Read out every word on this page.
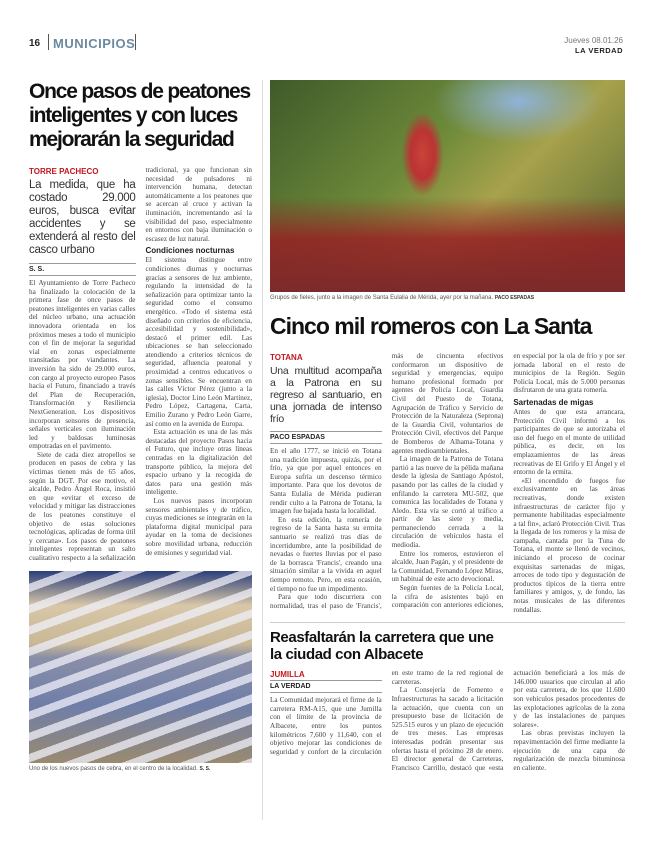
16 MUNICIPIOS	Jueves 08.01.26
LA VERDAD
Once pasos de peatones inteligentes y con luces mejorarán la seguridad
TORRE PACHECO
La medida, que ha costado 29.000 euros, busca evitar accidentes y se extenderá al resto del casco urbano
S. S.

El Ayuntamiento de Torre Pacheco ha finalizado la colocación de la primera fase de once pasos de peatones inteligentes en varias calles del núcleo urbano, una actuación innovadora orientada en los próximos meses a todo el municipio con el fin de mejorar la seguridad vial en zonas especialmente transitadas por viandantes. La inversión ha sido de 29.000 euros, con cargo al proyecto europeo Pasos hacia el Futuro, financiado a través del Plan de Recuperación, Transformación y Resiliencia NextGeneration. Los dispositivos incorporan sensores de presencia, señales verticales con iluminación led y baldosas luminosas empotradas en el pavimento.

Siete de cada diez atropellos se producen en pasos de cebra y las víctimas tienen más de 65 años, según la DGT. Por ese motivo, el alcalde, Pedro Ángel Roca, insistió en que «evitar el exceso de velocidad y mitigar las distracciones de los peatones constituye el objetivo de estas soluciones tecnológicas, aplicadas de forma útil y cercana». Los pasos de peatones inteligentes representan un salto cualitativo respecto a la señalización tradicional, ya que funcionan sin necesidad de pulsadores ni intervención humana, detectan automáticamente a los peatones que se acercan al cruce y activan la iluminación, incrementando así la visibilidad del paso, especialmente en entornos con baja iluminación o escasez de luz natural.

Condiciones nocturnas

El sistema distingue entre condiciones diurnas y nocturnas gracias a sensores de luz ambiente, regulando la intensidad de la señalización para optimizar tanto la seguridad como el consumo energético. «Todo el sistema está diseñado con criterios de eficiencia, accesibilidad y sostenibilidad», destacó el primer edil. Las ubicaciones se han seleccionado atendiendo a criterios técnicos de seguridad, afluencia peatonal y proximidad a centros educativos o zonas sensibles. Se encuentran en las calles Víctor Pérez (junto a la iglesia), Doctor Lino León Martínez, Pedro López, Cartagena, Carta, Emilio Zurano y Pedro León Garre, así como en la avenida de Europa.

Esta actuación es una de las más destacadas del proyecto Pasos hacia el Futuro, que incluye otras líneas centradas en la digitalización del transporte público, la mejora del espacio urbano y la recogida de datos para una gestión más inteligente.

Los nuevos pasos incorporan sensores ambientales y de tráfico, cuyas mediciones se integrarán en la plataforma digital municipal para ayudar en la toma de decisiones sobre movilidad urbana, reducción de emisiones y seguridad vial.

Uno de los nuevos pasos de cebra, en el centro de la localidad. S. S.
Grupos de fieles, junto a la imagen de Santa Eulalia de Mérida, ayer por la mañana. PACO ESPADAS
Cinco mil romeros con La Santa
TOTANA
Una multitud acompaña a la Patrona en su regreso al santuario, en una jornada de intenso frío
PACO ESPADAS

En el año 1777, se inició en Totana una tradición impuesta, quizás, por el frío, ya que por aquel entonces en Europa sufría un descenso térmico importante. Para que los devotos de Santa Eulalia de Mérida pudieran rendir culto a la Patrona de Totana, la imagen fue bajada hasta la localidad.

En esta edición, la romería de regreso de la Santa hasta su ermita santuario se realizó tras días de incertidumbre, ante la posibilidad de nevadas o fuertes lluvias por el paso de la borrasca 'Francis', creando una situación similar a la vivida en aquel tiempo remoto. Pero, en esta ocasión, el tiempo no fue un impedimento.

Para que todo discurriera con normalidad, tras el paso de 'Francis', más de cincuenta efectivos conformaron un dispositivo de seguridad y emergencias, equipo humano profesional formado por agentes de Policía Local, Guardia Civil del Puesto de Totana, Agrupación de Tráfico y Servicio de Protección de la Naturaleza (Seprona) de la Guardia Civil, voluntarios de Protección Civil, efectivos del Parque de Bomberos de Alhama-Totana y agentes medioambientales.

La imagen de la Patrona de Totana partió a las nueve de la pélida mañana desde la iglesia de Santiago Apóstol, pasando por las calles de la ciudad y enfilando la carretera MU-502, que comunica las localidades de Totana y Aledo. Esta vía se cortó al tráfico a partir de las siete y media, permaneciendo cerrada a la circulación de vehículos hasta el mediodía.

Entre los romeros, estuvieron el alcalde, Juan Pagán, y el presidente de la Comunidad, Fernando López Miras, un habitual de este acto devocional.

Según fuentes de la Policía Local, la cifra de asistentes bajó en comparación con anteriores ediciones, en especial por la ola de frío y por ser jornada laboral en el resto de municipios de la Región. Según Policía Local, más de 5.000 personas disfrutaron de una grata romería.

Sartenadas de migas

Antes de que esta arrancara, Protección Civil informó a los participantes de que se autorizaba el uso del fuego en el monte de utilidad pública, es decir, en los emplazamientos de las áreas recreativas de El Grifo y El Ángel y el entorno de la ermita.

«El encendido de fuegos fue exclusivamente en las áreas recreativas, donde existen infraestructuras de carácter fijo y permanente habilitadas especialmente a tal fin», aclaró Protección Civil. Tras la llegada de los romeros y la misa de campaña, cantada por la Tuna de Totana, el monte se llenó de vecinos, iniciando el proceso de cocinar exquisitas sartenadas de migas, arroces de todo tipo y degustación de productos típicos de la tierra entre familiares y amigos, y, de fondo, las notas musicales de las diferentes rondallas.

Reasfaltarán la carretera que une la ciudad con Albacete
JUMILLA
LA VERDAD

La Comunidad mejorará el firme de la carretera RM-A15, que une Jumilla con el límite de la provincia de Albacete, entre los puntos kilométricos 7,600 y 11,640, con el objetivo mejorar las condiciones de seguridad y confort de la circulación en este tramo de la red regional de carreteras.

La Consejería de Fomento e Infraestructuras ha sacado a licitación la actuación, que cuenta con un presupuesto base de licitación de 525.515 euros y un plazo de ejecución de tres meses. Las empresas interesadas podrán presentar sus ofertas hasta el próximo 28 de enero. El director general de Carreteras, Francisco Carrillo, destacó que «esta actuación beneficiará a los más de 146.000 usuarios que circulan al año por esta carretera, de los que 11.600 son vehículos pesados procedentes de las explotaciones agrícolas de la zona y de las instalaciones de parques solares».

Las obras previstas incluyen la repavimentación del firme mediante la ejecución de una capa de regularización de mezcla bituminosa en caliente.
